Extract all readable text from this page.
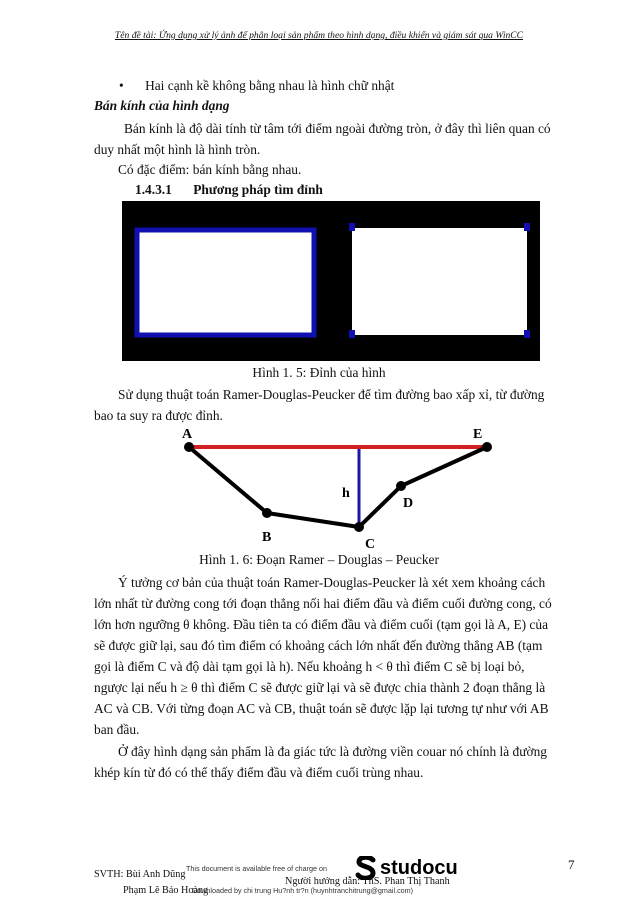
Tên đề tài: Ứng dụng xử lý ảnh để phân loại sản phẩm theo hình dạng, điều khiển và giám sát qua WinCC
• Hai cạnh kề không bằng nhau là hình chữ nhật
Bán kính của hình dạng
Bán kính là độ dài tính từ tâm tới điểm ngoài đường tròn, ở đây thì liên quan có
duy nhất một hình là hình tròn.
Có đặc điểm: bán kính bằng nhau.
1.4.3.1 Phương pháp tìm đỉnh
Hình 1. 5: Đỉnh của hình
Sử dụng thuật toán Ramer-Douglas-Peucker để tìm đường bao xấp xỉ, từ đường
bao ta suy ra được đỉnh.
A	E
B	C
D
h
Hình 1. 6: Đoạn Ramer – Douglas – Peucker
Ý tưởng cơ bản của thuật toán Ramer-Douglas-Peucker là xét xem khoảng cách
lớn nhất từ đường cong tới đoạn thẳng nối hai điểm đầu và điểm cuối đường cong, có
lớn hơn ngưỡng θ không. Đầu tiên ta có điểm đầu và điểm cuối (tạm gọi là A, E) của
sẽ được giữ lại, sau đó tìm điểm có khoảng cách lớn nhất đến đường thẳng AB (tạm
gọi là điểm C và độ dài tạm gọi là h). Nếu khoảng h < θ thì điểm C sẽ bị loại bỏ,
ngược lại nếu h ≥ θ thì điểm C sẽ được giữ lại và sẽ được chia thành 2 đoạn thẳng là
AC và CB. Với từng đoạn AC và CB, thuật toán sẽ được lặp lại tương tự như với AB
ban đầu.
Ở đây hình dạng sản phẩm là đa giác tức là đường viền couar nó chính là đường
khép kín từ đó có thể thấy điểm đầu và điểm cuối trùng nhau.
SVTH: Bùi Anh Dũng
Phạm Lê Bảo Hoàng
Người hướng dẫn: ThS. Phan Thị Thanh
This document is available free of charge on
Downloaded by chi trung Hu?nh tr?n (huynhtranchitrung@gmail.com)
studocu	7
